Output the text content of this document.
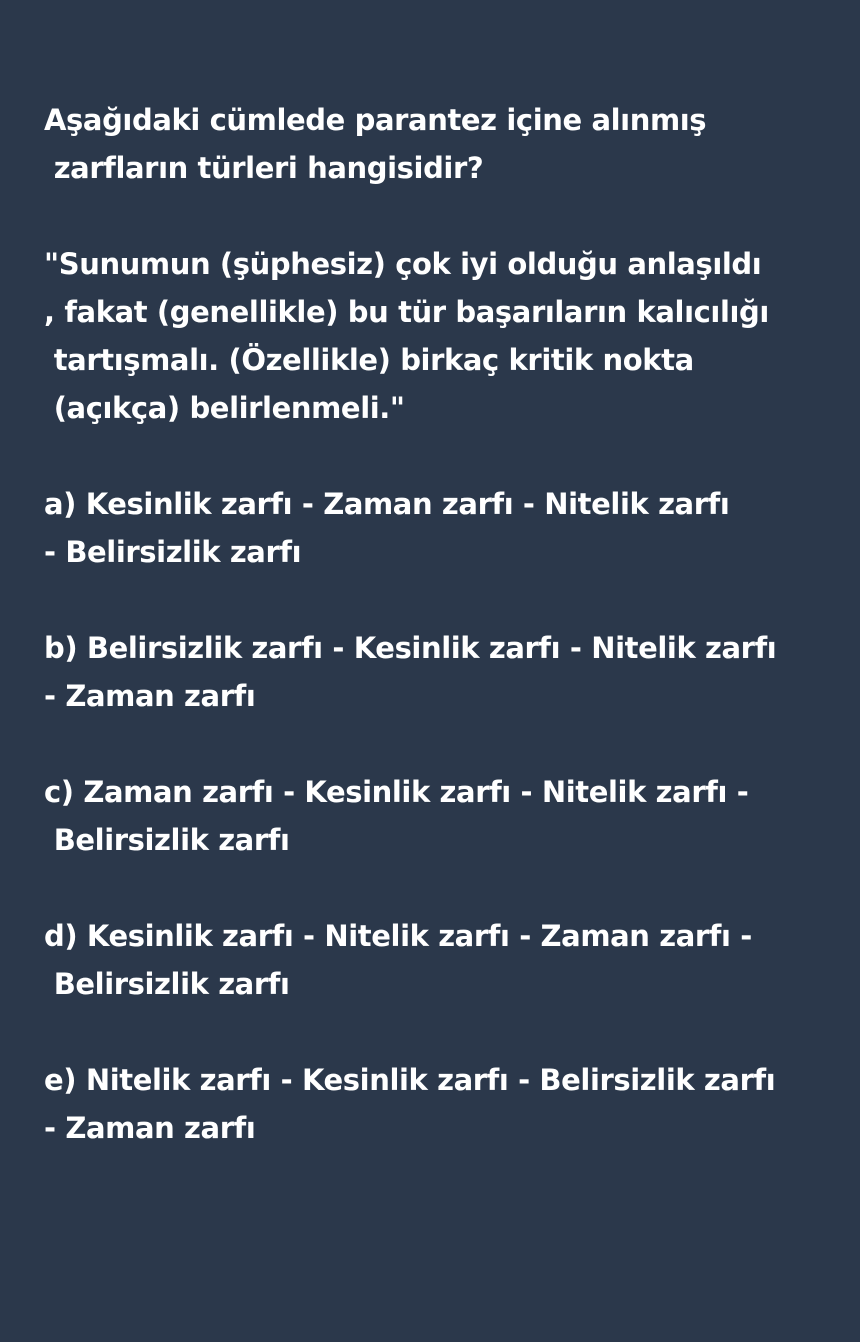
Aşağıdaki cümlede parantez içine alınmış
zarfların türleri hangisidir?
"Sunumun (şüphesiz) çok iyi olduğu anlaşıldı
, fakat (genellikle) bu tür başarıların kalıcılığı
tartışmalı. (Özellikle) birkaç kritik nokta
(açıkça) belirlenmeli."
a) Kesinlik zarfı - Zaman zarfı - Nitelik zarfı
- Belirsizlik zarfı
b) Belirsizlik zarfı - Kesinlik zarfı - Nitelik zarfı
- Zaman zarfı
c) Zaman zarfı - Kesinlik zarfı - Nitelik zarfı -
Belirsizlik zarfı
d) Kesinlik zarfı - Nitelik zarfı - Zaman zarfı -
Belirsizlik zarfı
e) Nitelik zarfı - Kesinlik zarfı - Belirsizlik zarfı
- Zaman zarfı
